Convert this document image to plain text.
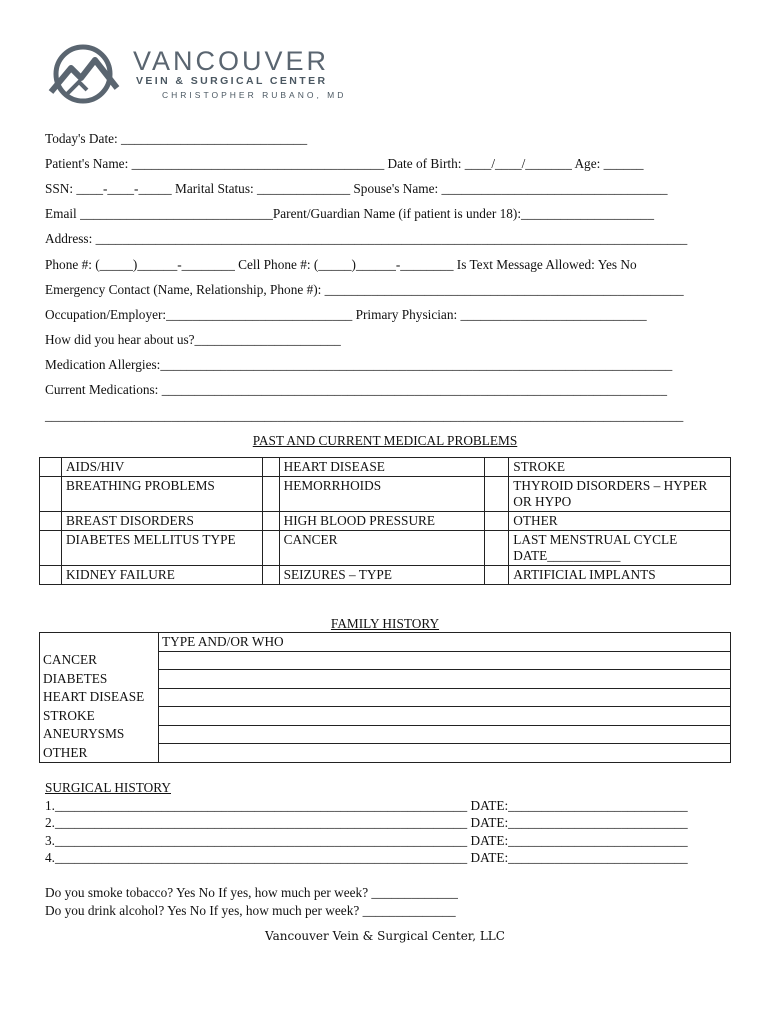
VANCOUVER
VEIN & SURGICAL CENTER
CHRISTOPHER RUBANO, MD
Today's Date: ____________________________
Patient's Name: ______________________________________ Date of Birth: ____/____/_______ Age: ______
SSN: ____-____-_____ Marital Status: ______________ Spouse's Name: __________________________________
Email _____________________________Parent/Guardian Name (if patient is under 18):____________________
Address: _________________________________________________________________________________________
Phone #: (_____)______-________ Cell Phone #: (_____)______-________ Is Text Message Allowed: Yes No
Emergency Contact (Name, Relationship, Phone #): ______________________________________________________
Occupation/Employer:____________________________ Primary Physician: ____________________________
How did you hear about us?______________________
Medication Allergies:_____________________________________________________________________________
Current Medications: ____________________________________________________________________________
________________________________________________________________________________________________
PAST AND CURRENT MEDICAL PROBLEMS
	AIDS/HIV		HEART DISEASE		STROKE
	BREATHING PROBLEMS		HEMORRHOIDS		THYROID DISORDERS – HYPER OR HYPO
	BREAST DISORDERS		HIGH BLOOD PRESSURE		OTHER
	DIABETES MELLITUS TYPE		CANCER		LAST MENSTRUAL CYCLE DATE___________
	KIDNEY FAILURE		SEIZURES – TYPE		ARTIFICIAL IMPLANTS
FAMILY HISTORY
	TYPE AND/OR WHO
CANCER	
DIABETES	
HEART DISEASE	
STROKE	
ANEURYSMS	
OTHER	
SURGICAL HISTORY
1.______________________________________________________________ DATE:___________________________
2.______________________________________________________________ DATE:___________________________
3.______________________________________________________________ DATE:___________________________
4.______________________________________________________________ DATE:___________________________
Do you smoke tobacco? Yes No If yes, how much per week? _____________
Do you drink alcohol? Yes No If yes, how much per week? ______________
Vancouver Vein & Surgical Center, LLC
